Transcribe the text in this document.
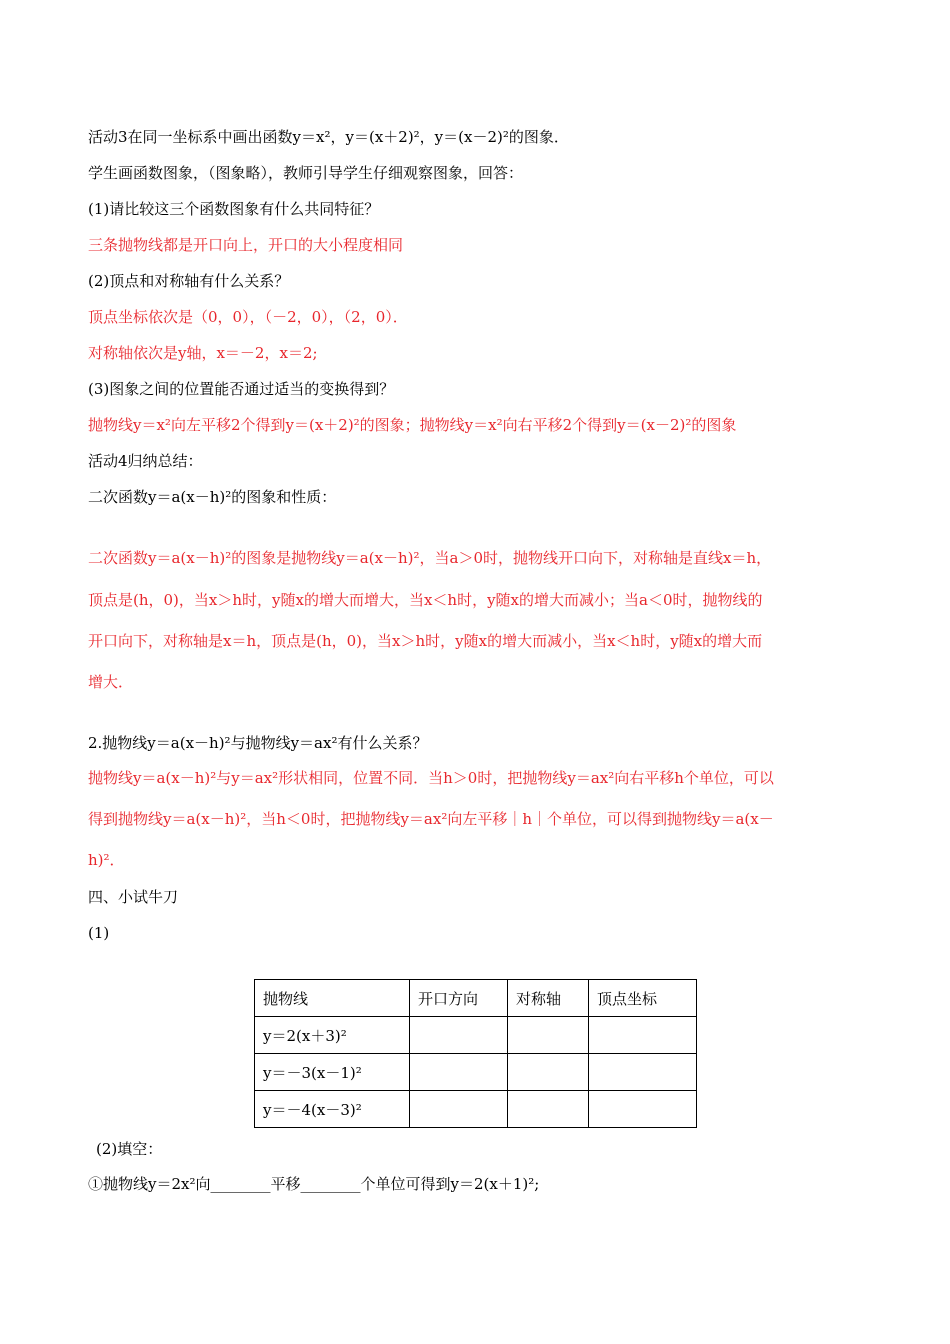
活动3在同一坐标系中画出函数y＝x²，y＝(x＋2)²，y＝(x－2)²的图象．
学生画函数图象，（图象略），教师引导学生仔细观察图象，回答：
(1)请比较这三个函数图象有什么共同特征？
三条抛物线都是开口向上，开口的大小程度相同
(2)顶点和对称轴有什么关系？
顶点坐标依次是（0，0），（－2，0），（2，0）．
对称轴依次是y轴，x＝－2，x＝2;
(3)图象之间的位置能否通过适当的变换得到？
抛物线y＝x²向左平移2个得到y＝(x＋2)²的图象；抛物线y＝x²向右平移2个得到y＝(x－2)²的图象
活动4归纳总结：
二次函数y＝a(x－h)²的图象和性质：
二次函数y＝a(x－h)²的图象是抛物线y＝a(x－h)²，当a＞0时，抛物线开口向下，对称轴是直线x＝h，
顶点是(h，0)，当x＞h时，y随x的增大而增大，当x＜h时，y随x的增大而减小；当a＜0时，抛物线的
开口向下，对称轴是x＝h，顶点是(h，0)，当x＞h时，y随x的增大而减小，当x＜h时，y随x的增大而
增大．
2.抛物线y＝a(x－h)²与抛物线y＝ax²有什么关系？
抛物线y＝a(x－h)²与y＝ax²形状相同，位置不同．当h＞0时，把抛物线y＝ax²向右平移h个单位，可以
得到抛物线y＝a(x－h)²，当h＜0时，把抛物线y＝ax²向左平移｜h｜个单位，可以得到抛物线y＝a(x－
h)²．
四、小试牛刀
(1)
抛物线	开口方向	对称轴	顶点坐标
y＝2(x＋3)²			
y＝－3(x－1)²			
y＝－4(x－3)²			
(2)填空：
①抛物线y＝2x²向________平移________个单位可得到y＝2(x＋1)²;
